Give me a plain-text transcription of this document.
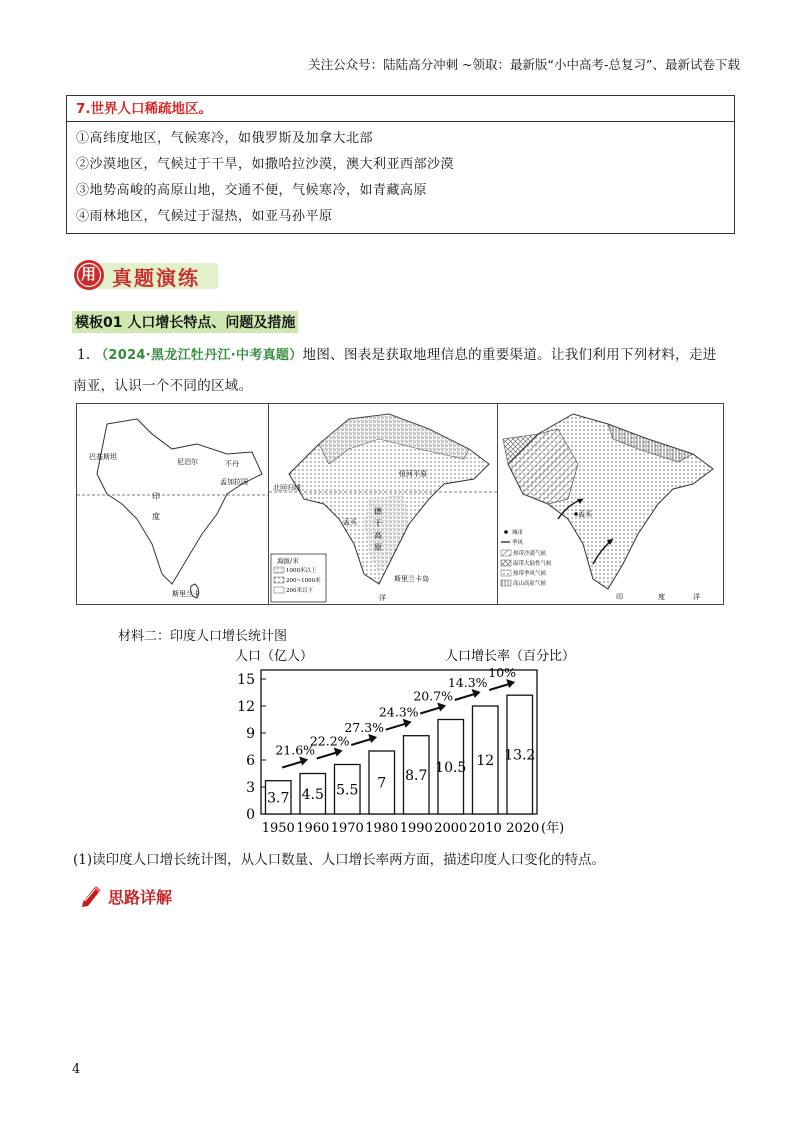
关注公众号：陆陆高分冲刺 ~领取：最新版“小中高考-总复习”、最新试卷下载
7.世界人口稀疏地区。
①高纬度地区，气候寒冷，如俄罗斯及加拿大北部
②沙漠地区，气候过于干旱，如撒哈拉沙漠，澳大利亚西部沙漠
③地势高峻的高原山地，交通不便，气候寒冷，如青藏高原
④雨林地区，气候过于湿热，如亚马孙平原
用 真题演练
模板01 人口增长特点、问题及措施
1. （2024·黑龙江牡丹江·中考真题）地图、图表是获取地理信息的重要渠道。让我们利用下列材料，走进
南亚，认识一个不同的区域。
巴基斯坦
尼泊尔	不丹
孟加拉国
印
度
斯里兰卡
北回归线
孟买
恒河平原
德
干
高
原
斯里兰卡岛
洋
海拔/米
1000米以上
200~1000米
200米以下
孟买
印	度	洋
城市
季风
热带沙漠气候
温带大陆性气候
热带季风气候
高山高原气候
材料二：印度人口增长统计图
人口（亿人）	人口增长率（百分比）
0
3
6
9
12
15
3.7
1950
4.5
1960
5.5
1970
7
1980
8.7
1990
10.5
2000
12
2010
13.2
2020 (年)
21.6%
22.2%
27.3%
24.3%
20.7%
14.3%
10%
(1)读印度人口增长统计图，从人口数量、人口增长率两方面，描述印度人口变化的特点。
思路详解
4
